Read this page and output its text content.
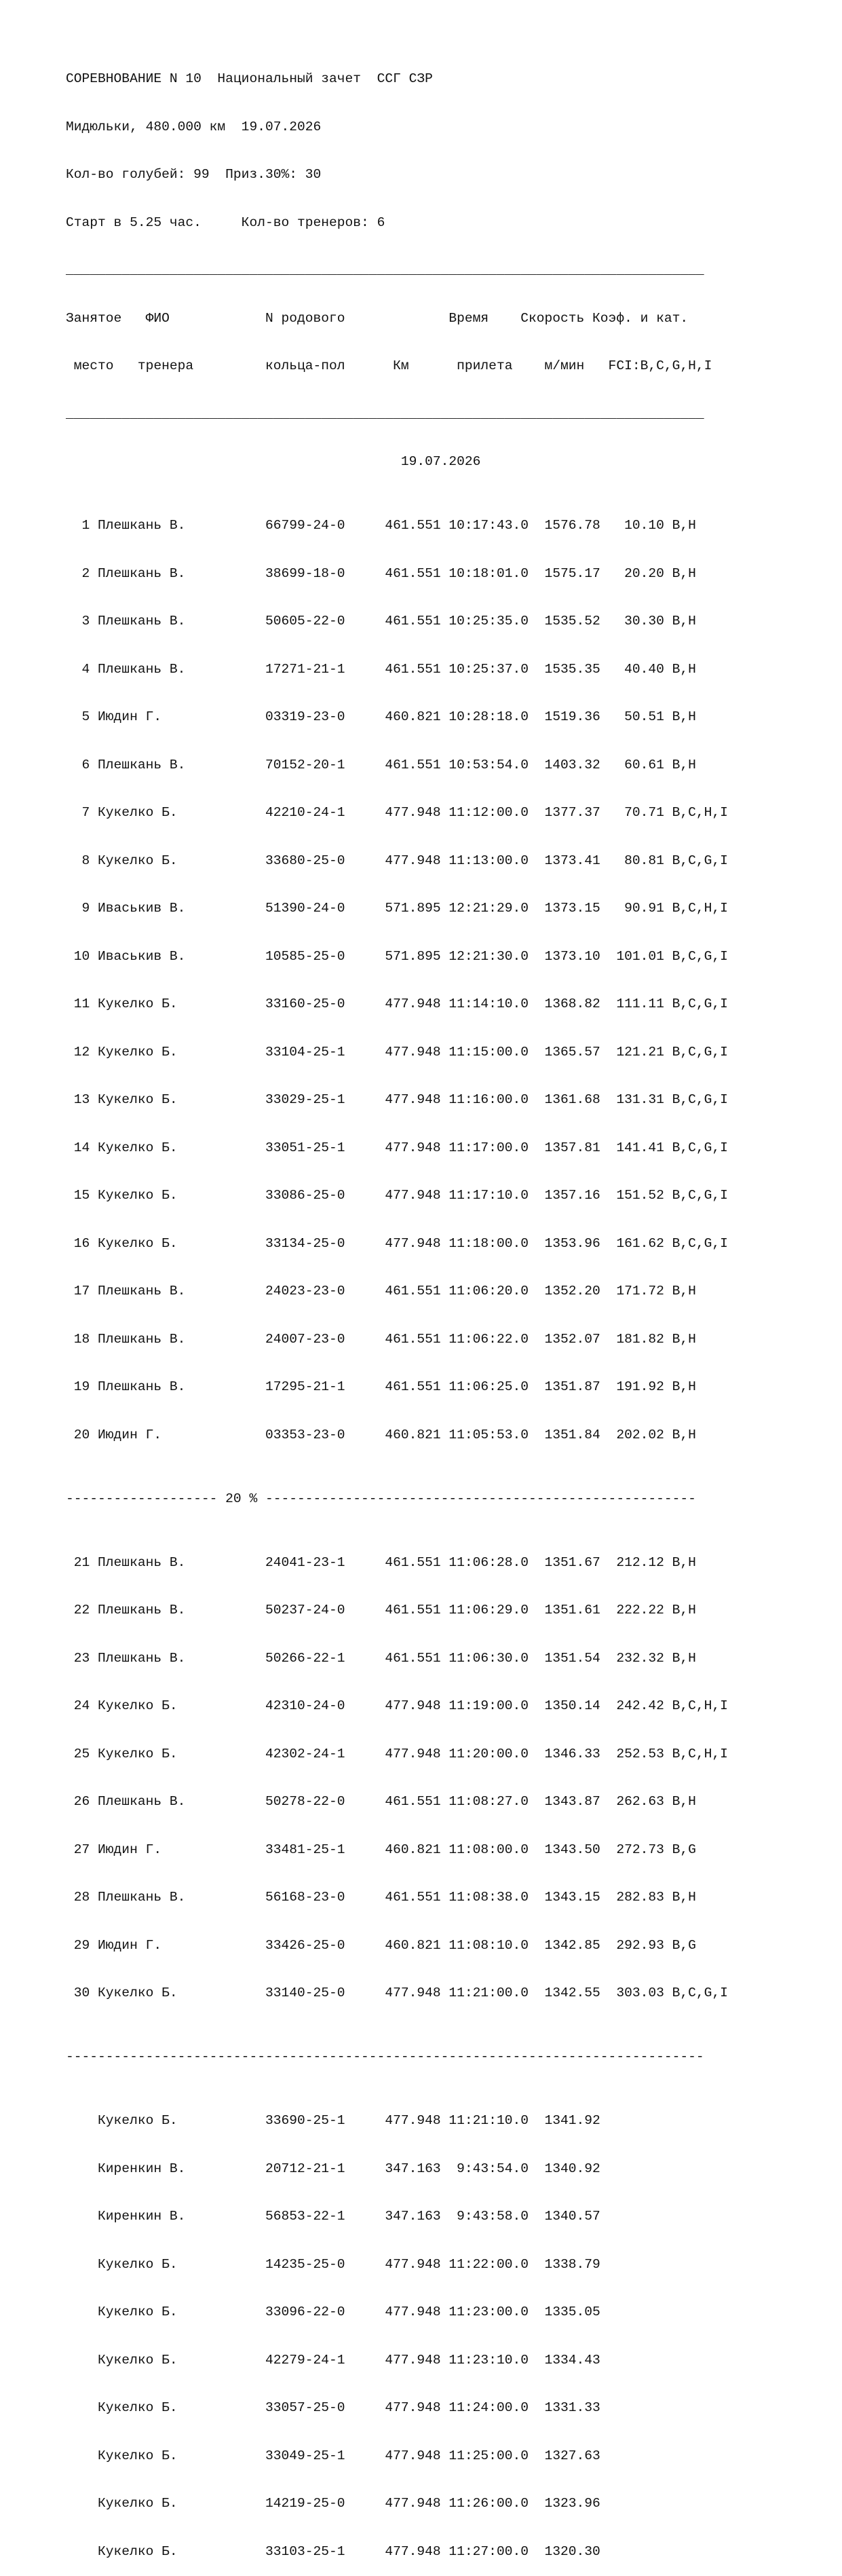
СОРЕВНОВАНИЕ N 10  Национальный зачет  ССГ СЗР

Мидюльки, 480.000 км  19.07.2026

Кол-во голубей: 99  Приз.30%: 30

Старт в 5.25 час.     Кол-во тренеров: 6

________________________________________________________________________________

Занятое   ФИО            N родового             Время    Скорость Коэф. и кат.

место   тренера         кольца-пол      Км      прилета    м/мин   FCI:B,C,G,H,I

________________________________________________________________________________

19.07.2026

1 Плешкань В.          66799-24-0     461.551 10:17:43.0  1576.78   10.10 B,H

2 Плешкань В.          38699-18-0     461.551 10:18:01.0  1575.17   20.20 B,H

3 Плешкань В.          50605-22-0     461.551 10:25:35.0  1535.52   30.30 B,H

4 Плешкань В.          17271-21-1     461.551 10:25:37.0  1535.35   40.40 B,H

5 Июдин Г.             03319-23-0     460.821 10:28:18.0  1519.36   50.51 B,H

6 Плешкань В.          70152-20-1     461.551 10:53:54.0  1403.32   60.61 B,H

7 Кукелко Б.           42210-24-1     477.948 11:12:00.0  1377.37   70.71 B,C,H,I

8 Кукелко Б.           33680-25-0     477.948 11:13:00.0  1373.41   80.81 B,C,G,I

9 Иваськив В.          51390-24-0     571.895 12:21:29.0  1373.15   90.91 B,C,H,I

10 Иваськив В.          10585-25-0     571.895 12:21:30.0  1373.10  101.01 B,C,G,I

11 Кукелко Б.           33160-25-0     477.948 11:14:10.0  1368.82  111.11 B,C,G,I

12 Кукелко Б.           33104-25-1     477.948 11:15:00.0  1365.57  121.21 B,C,G,I

13 Кукелко Б.           33029-25-1     477.948 11:16:00.0  1361.68  131.31 B,C,G,I

14 Кукелко Б.           33051-25-1     477.948 11:17:00.0  1357.81  141.41 B,C,G,I

15 Кукелко Б.           33086-25-0     477.948 11:17:10.0  1357.16  151.52 B,C,G,I

16 Кукелко Б.           33134-25-0     477.948 11:18:00.0  1353.96  161.62 B,C,G,I

17 Плешкань В.          24023-23-0     461.551 11:06:20.0  1352.20  171.72 B,H

18 Плешкань В.          24007-23-0     461.551 11:06:22.0  1352.07  181.82 B,H

19 Плешкань В.          17295-21-1     461.551 11:06:25.0  1351.87  191.92 B,H

20 Июдин Г.             03353-23-0     460.821 11:05:53.0  1351.84  202.02 B,H

------------------- 20 % ------------------------------------------------------

21 Плешкань В.          24041-23-1     461.551 11:06:28.0  1351.67  212.12 B,H

22 Плешкань В.          50237-24-0     461.551 11:06:29.0  1351.61  222.22 B,H

23 Плешкань В.          50266-22-1     461.551 11:06:30.0  1351.54  232.32 B,H

24 Кукелко Б.           42310-24-0     477.948 11:19:00.0  1350.14  242.42 B,C,H,I

25 Кукелко Б.           42302-24-1     477.948 11:20:00.0  1346.33  252.53 B,C,H,I

26 Плешкань В.          50278-22-0     461.551 11:08:27.0  1343.87  262.63 B,H

27 Июдин Г.             33481-25-1     460.821 11:08:00.0  1343.50  272.73 B,G

28 Плешкань В.          56168-23-0     461.551 11:08:38.0  1343.15  282.83 B,H

29 Июдин Г.             33426-25-0     460.821 11:08:10.0  1342.85  292.93 B,G

30 Кукелко Б.           33140-25-0     477.948 11:21:00.0  1342.55  303.03 B,C,G,I

--------------------------------------------------------------------------------

Кукелко Б.           33690-25-1     477.948 11:21:10.0  1341.92

Киренкин В.          20712-21-1     347.163  9:43:54.0  1340.92

Киренкин В.          56853-22-1     347.163  9:43:58.0  1340.57

Кукелко Б.           14235-25-0     477.948 11:22:00.0  1338.79

Кукелко Б.           33096-22-0     477.948 11:23:00.0  1335.05

Кукелко Б.           42279-24-1     477.948 11:23:10.0  1334.43

Кукелко Б.           33057-25-0     477.948 11:24:00.0  1331.33

Кукелко Б.           33049-25-1     477.948 11:25:00.0  1327.63

Кукелко Б.           14219-25-0     477.948 11:26:00.0  1323.96

Кукелко Б.           33103-25-1     477.948 11:27:00.0  1320.30
